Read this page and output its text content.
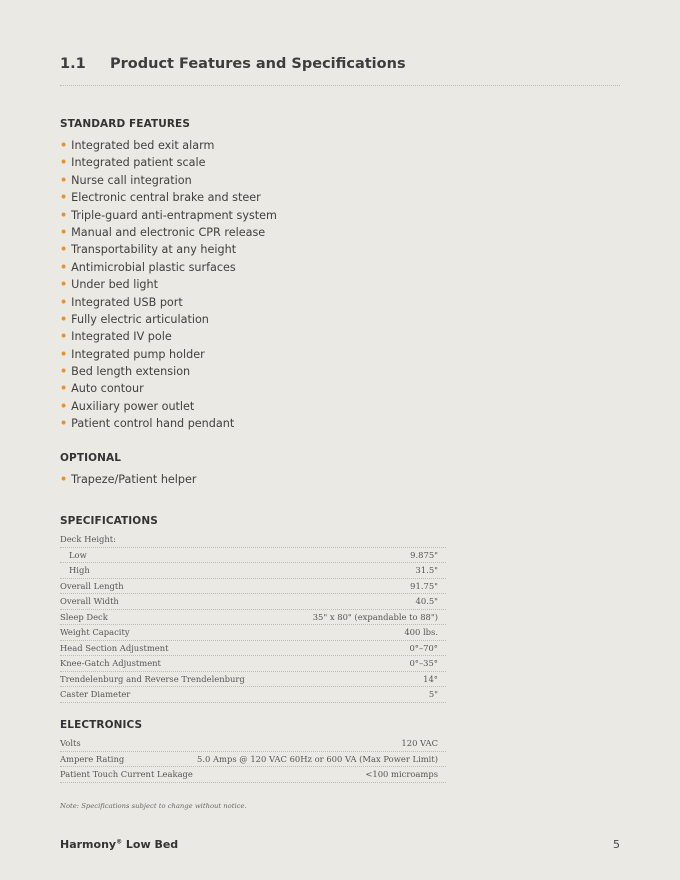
1.1 Product Features and Specifications
STANDARD FEATURES
• Integrated bed exit alarm
• Integrated patient scale
• Nurse call integration
• Electronic central brake and steer
• Triple-guard anti-entrapment system
• Manual and electronic CPR release
• Transportability at any height
• Antimicrobial plastic surfaces
• Under bed light
• Integrated USB port
• Fully electric articulation
• Integrated IV pole
• Integrated pump holder
• Bed length extension
• Auto contour
• Auxiliary power outlet
• Patient control hand pendant
OPTIONAL
• Trapeze/Patient helper
SPECIFICATIONS
Deck Height:
Low	9.875"
High	31.5"
Overall Length	91.75"
Overall Width	40.5"
Sleep Deck	35" x 80" (expandable to 88")
Weight Capacity	400 lbs.
Head Section Adjustment	0°–70°
Knee-Gatch Adjustment	0°–35°
Trendelenburg and Reverse Trendelenburg	14°
Caster Diameter	5"
ELECTRONICS
Volts	120 VAC
Ampere Rating	5.0 Amps @ 120 VAC 60Hz or 600 VA (Max Power Limit)
Patient Touch Current Leakage	<100 microamps
Note: Specifications subject to change without notice.
Harmony® Low Bed	5
